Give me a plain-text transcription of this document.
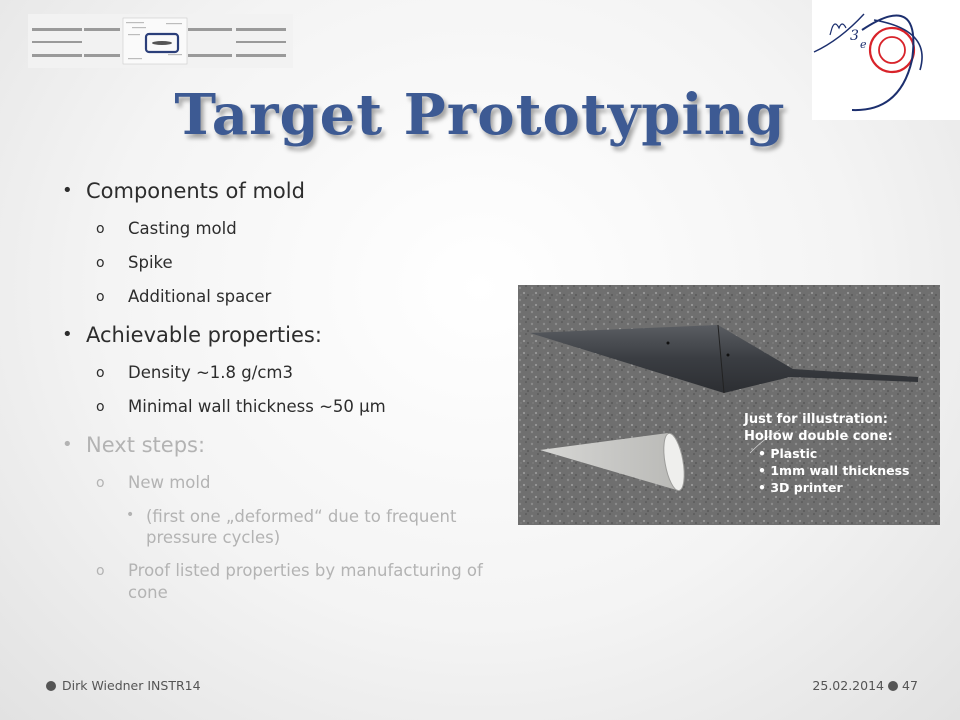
3
e
Target Prototyping
• Components of mold
o Casting mold
o Spike
o Additional spacer
• Achievable properties:
o Density ~1.8 g/cm3
o Minimal wall thickness ~50 µm
• Next steps:
o New mold
• (first one „deformed“ due to frequent pressure cycles)
o Proof listed properties by manufacturing of cone
Just for illustration:
Hollow double cone:
• Plastic
• 1mm wall thickness
• 3D printer
Dirk Wiedner INSTR14	25.02.2014 47
